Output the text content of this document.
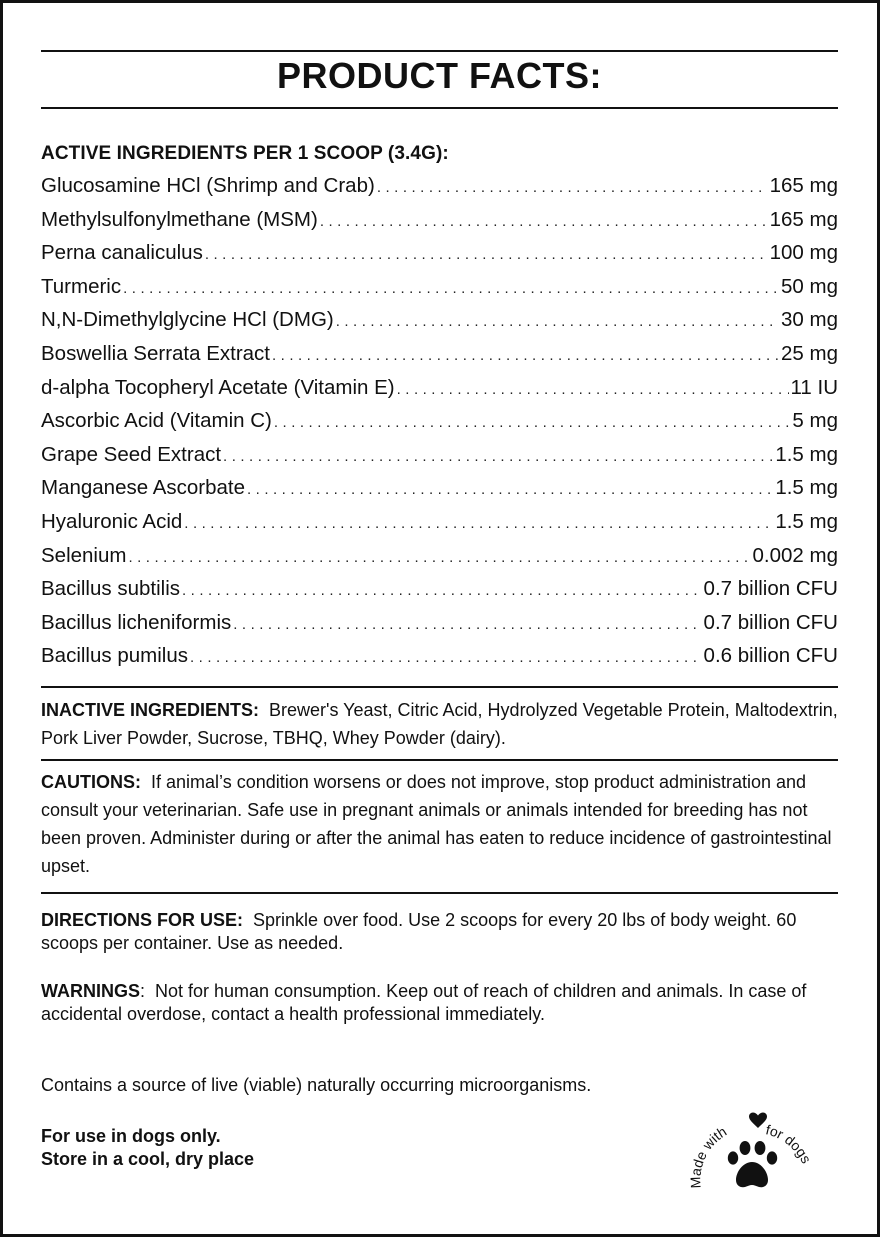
PRODUCT FACTS:
ACTIVE INGREDIENTS PER 1 SCOOP (3.4G):
Glucosamine HCl (Shrimp and Crab) .....	165 mg
Methylsulfonylmethane (MSM) .....	165 mg
Perna canaliculus .....	100 mg
Turmeric .....	50 mg
N,N-Dimethylglycine HCl (DMG) .....	30 mg
Boswellia Serrata Extract .....	25 mg
d-alpha Tocopheryl Acetate (Vitamin E) .....	11 IU
Ascorbic Acid (Vitamin C) .....	5 mg
Grape Seed Extract .....	1.5 mg
Manganese Ascorbate .....	1.5 mg
Hyaluronic Acid .....	1.5 mg
Selenium .....	0.002 mg
Bacillus subtilis .....	0.7 billion CFU
Bacillus licheniformis .....	0.7 billion CFU
Bacillus pumilus .....	0.6 billion CFU

INACTIVE INGREDIENTS: Brewer's Yeast, Citric Acid, Hydrolyzed Vegetable Protein, Maltodextrin, Pork Liver Powder, Sucrose, TBHQ, Whey Powder (dairy).

CAUTIONS: If animal’s condition worsens or does not improve, stop product administration and consult your veterinarian. Safe use in pregnant animals or animals intended for breeding has not been proven. Administer during or after the animal has eaten to reduce incidence of gastrointestinal upset.

DIRECTIONS FOR USE: Sprinkle over food. Use 2 scoops for every 20 lbs of body weight. 60 scoops per container. Use as needed.

WARNINGS:  Not for human consumption. Keep out of reach of children and animals. In case of accidental overdose, contact a health professional immediately.

Contains a source of live (viable) naturally occurring microorganisms.

For use in dogs only.
Store in a cool, dry place
Made with	for dogs
